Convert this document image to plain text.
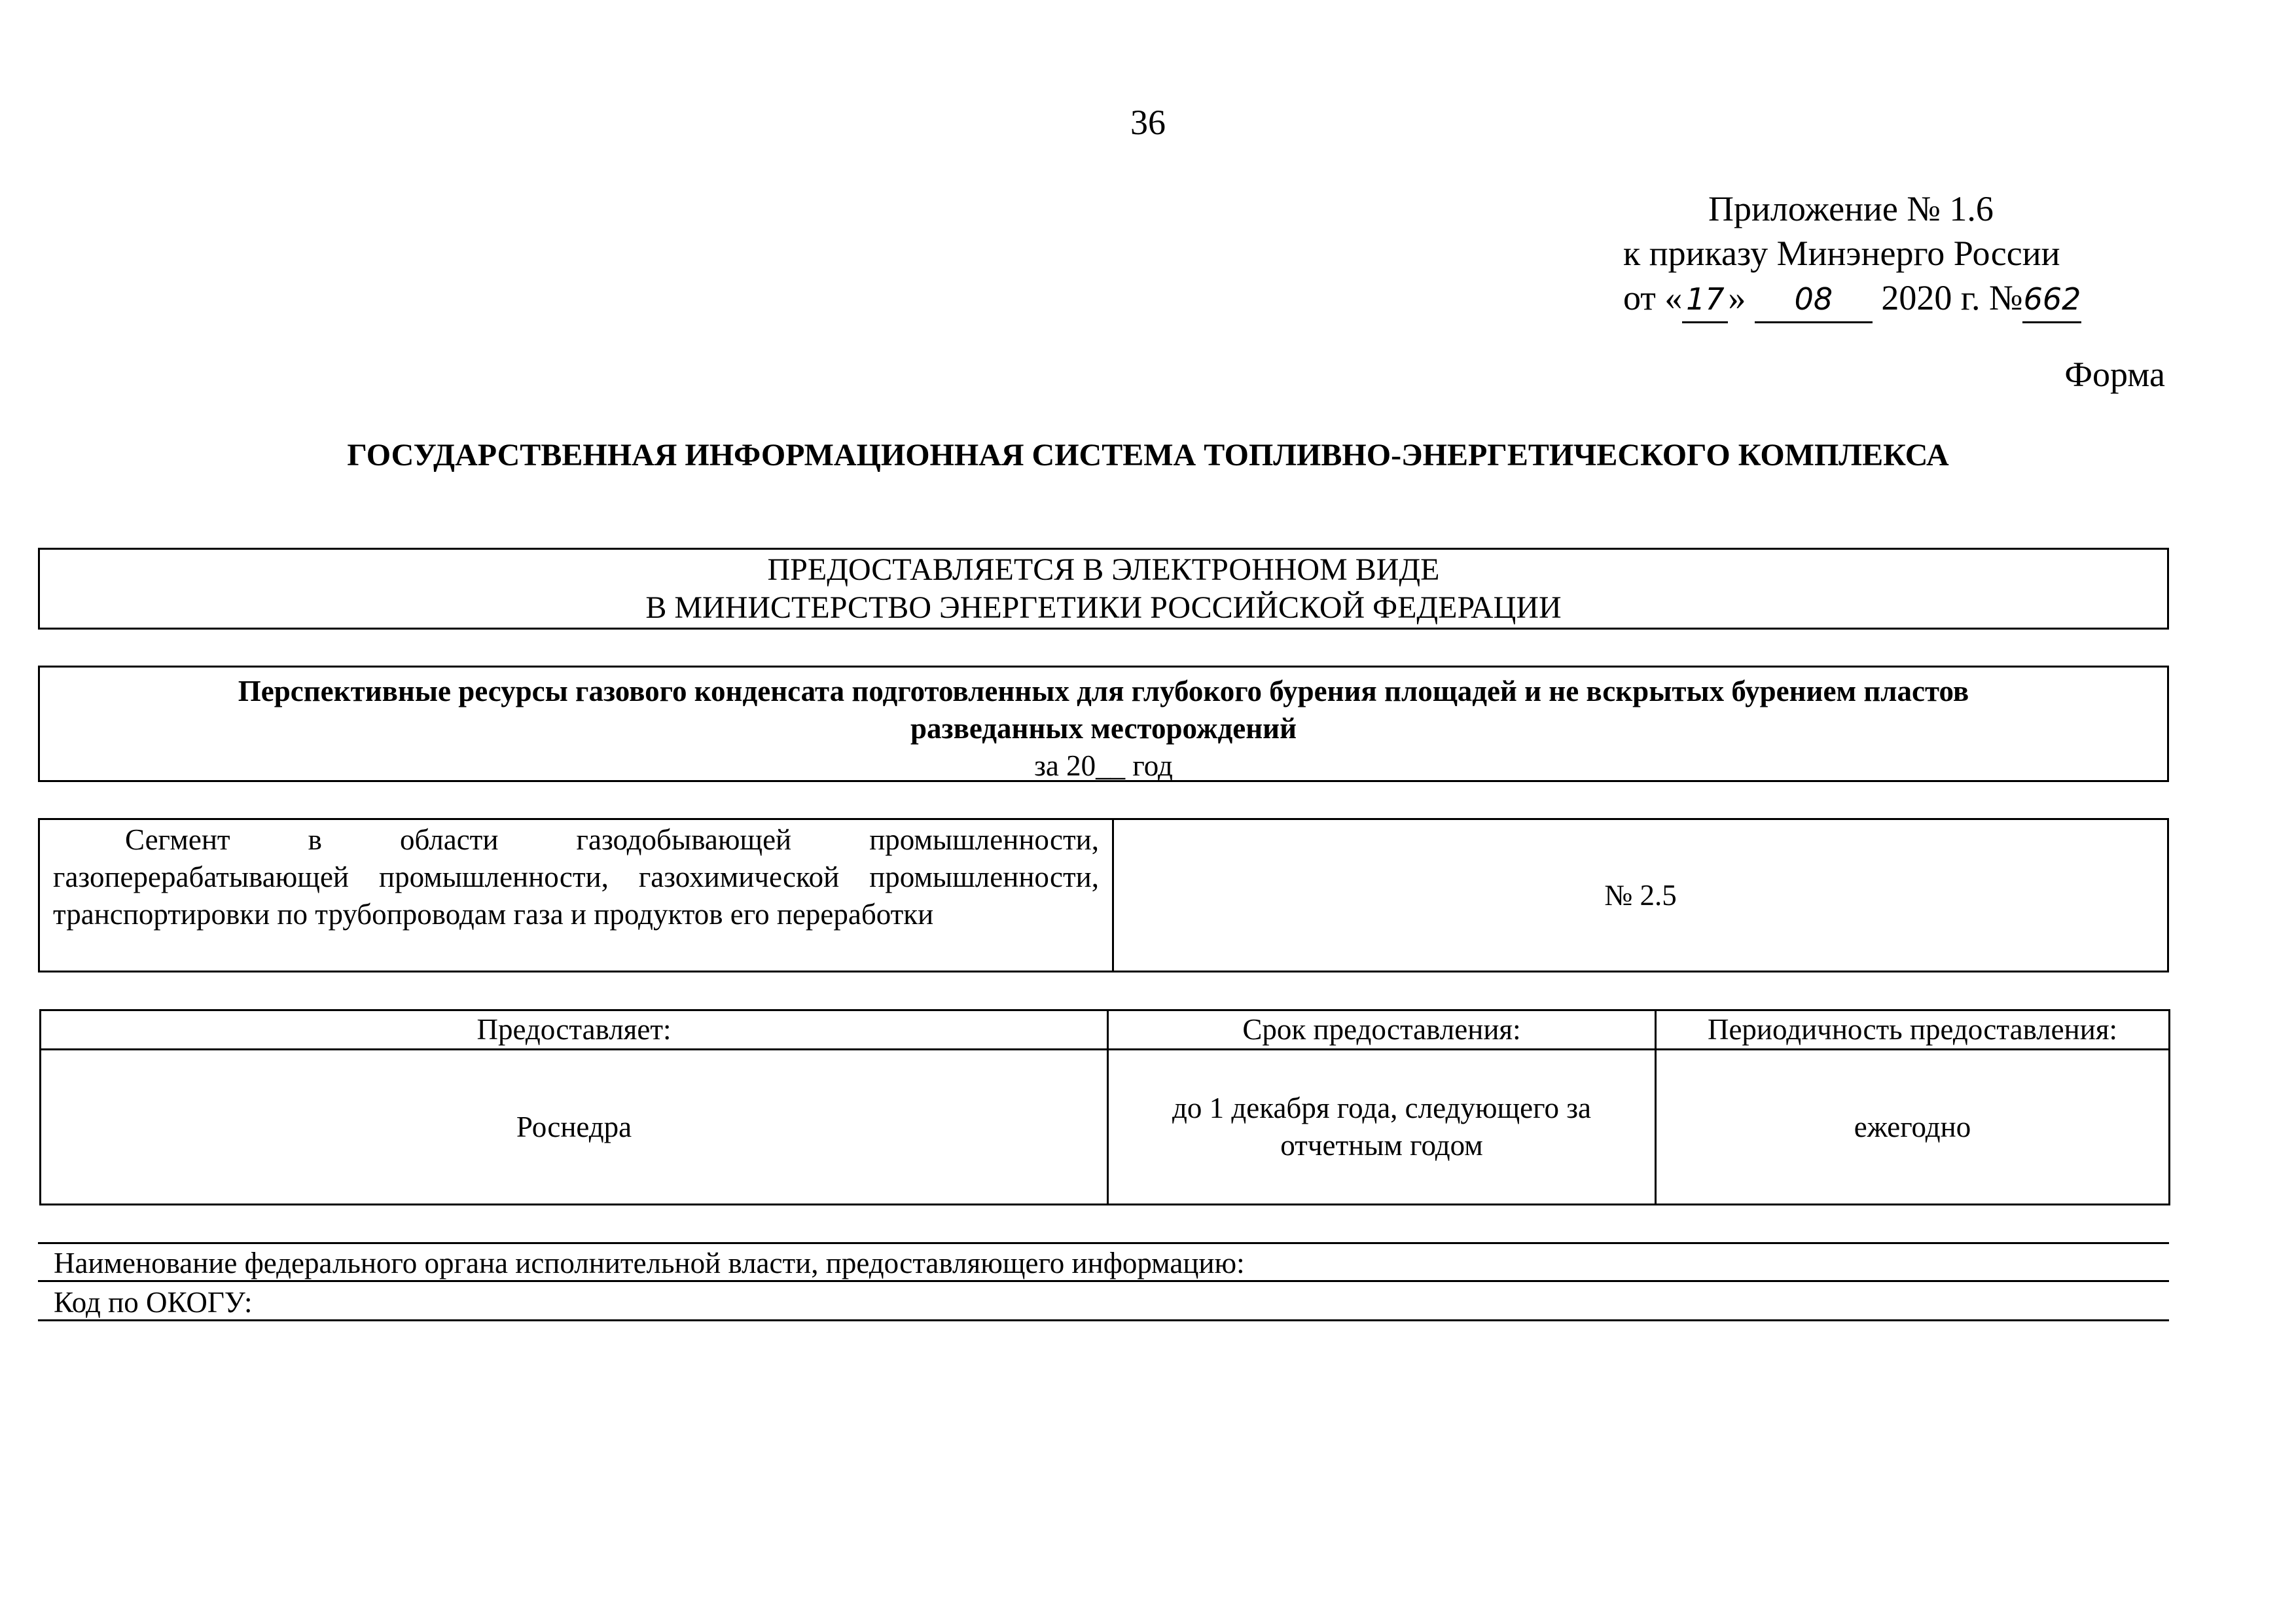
36
Приложение № 1.6
к приказу Минэнерго России
от « 17 » 08 2020 г. №662
Форма
ГОСУДАРСТВЕННАЯ ИНФОРМАЦИОННАЯ СИСТЕМА ТОПЛИВНО-ЭНЕРГЕТИЧЕСКОГО КОМПЛЕКСА
ПРЕДОСТАВЛЯЕТСЯ В ЭЛЕКТРОННОМ ВИДЕ
В МИНИСТЕРСТВО ЭНЕРГЕТИКИ РОССИЙСКОЙ ФЕДЕРАЦИИ
Перспективные ресурсы газового конденсата подготовленных для глубокого бурения площадей и не вскрытых бурением пластов
разведанных месторождений
за 20__ год
Сегмент в области газодобывающей промышленности, газоперерабатывающей промышленности, газохимической промышленности, транспортировки по трубопроводам газа и продуктов его переработки	№ 2.5
Предоставляет:	Срок предоставления:	Периодичность предоставления:
Роснедра	до 1 декабря года, следующего за отчетным годом	ежегодно
Наименование федерального органа исполнительной власти, предоставляющего информацию:
Код по ОКОГУ:
